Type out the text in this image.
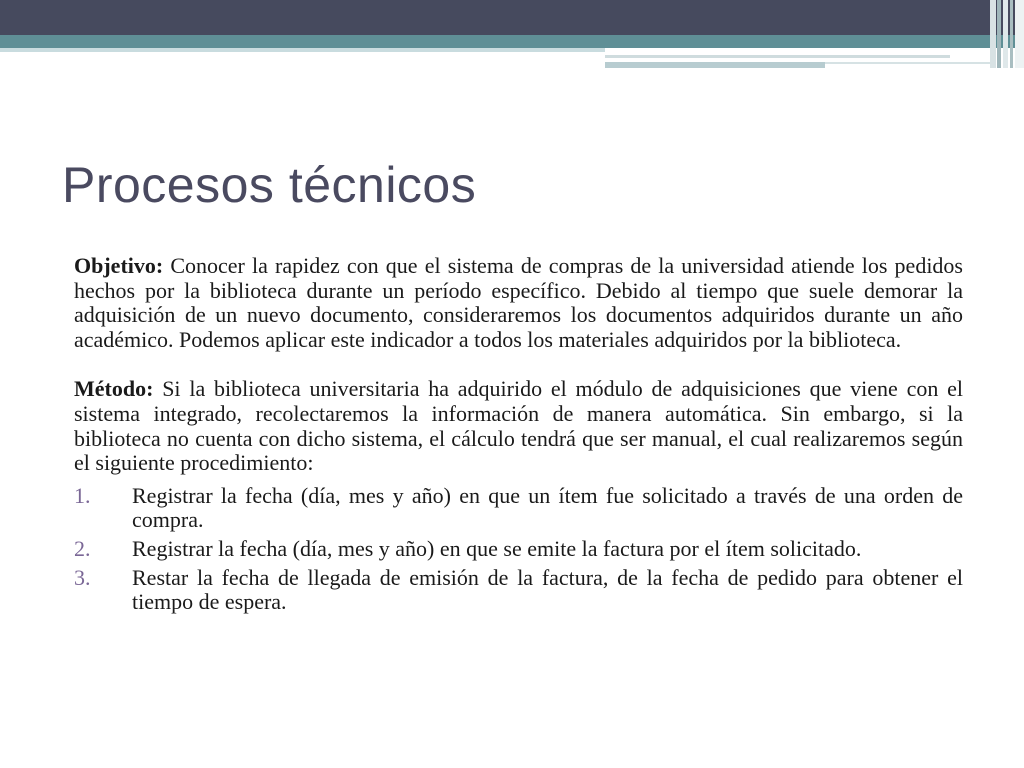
Procesos técnicos

Objetivo: Conocer la rapidez con que el sistema de compras de la universidad atiende los pedidos hechos por la biblioteca durante un período específico. Debido al tiempo que suele demorar la adquisición de un nuevo documento, consideraremos los documentos adquiridos durante un año académico. Podemos aplicar este indicador a todos los materiales adquiridos por la biblioteca.

Método: Si la biblioteca universitaria ha adquirido el módulo de adquisiciones que viene con el sistema integrado, recolectaremos la información de manera automática. Sin embargo, si la biblioteca no cuenta con dicho sistema, el cálculo tendrá que ser manual, el cual realizaremos según el siguiente procedimiento:

1.	Registrar la fecha (día, mes y año) en que un ítem fue solicitado a través de una orden de compra.
2.	Registrar la fecha (día, mes y año) en que se emite la factura por el ítem solicitado.
3.	Restar la fecha de llegada de emisión de la factura, de la fecha de pedido para obtener el tiempo de espera.
